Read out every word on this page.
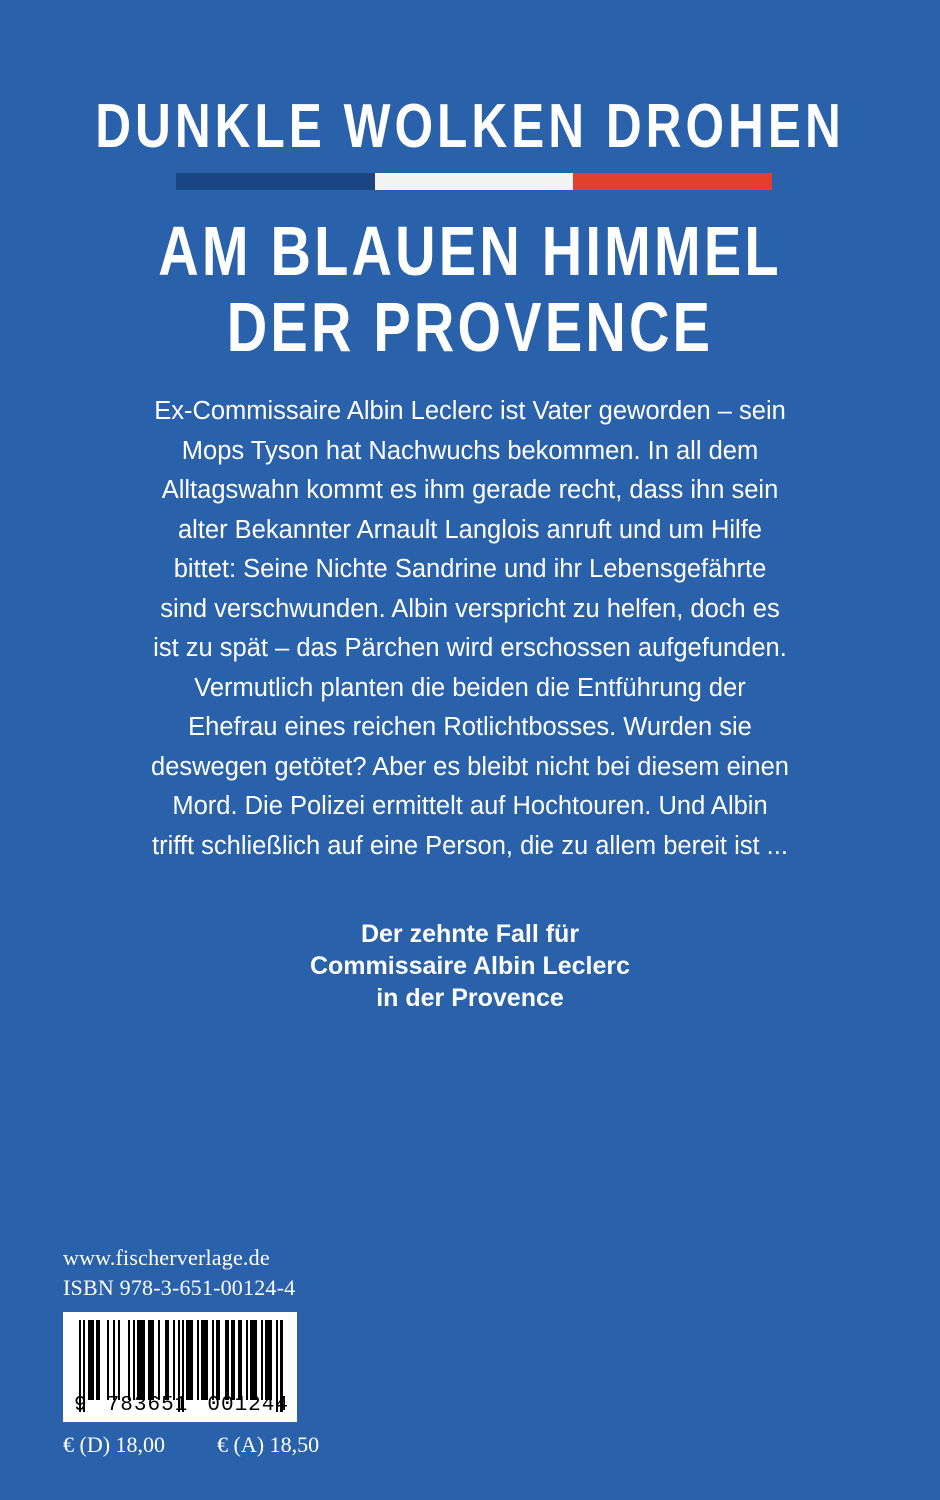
DUNKLE WOLKEN DROHEN
AM BLAUEN HIMMEL
DER PROVENCE

Ex-Commissaire Albin Leclerc ist Vater geworden – sein

Mops Tyson hat Nachwuchs bekommen. In all dem

Alltagswahn kommt es ihm gerade recht, dass ihn sein

alter Bekannter Arnault Langlois anruft und um Hilfe

bittet: Seine Nichte Sandrine und ihr Lebensgefährte

sind verschwunden. Albin verspricht zu helfen, doch es

ist zu spät – das Pärchen wird erschossen aufgefunden.

Vermutlich planten die beiden die Entführung der

Ehefrau eines reichen Rotlichtbosses. Wurden sie

deswegen getötet? Aber es bleibt nicht bei diesem einen

Mord. Die Polizei ermittelt auf Hochtouren. Und Albin

trifft schließlich auf eine Person, die zu allem bereit ist ...

Der zehnte Fall für
Commissaire Albin Leclerc
in der Provence
www.fischerverlage.de
ISBN 978-3-651-00124-4
9 783651 001244
€ (D) 18,00 € (A) 18,50
